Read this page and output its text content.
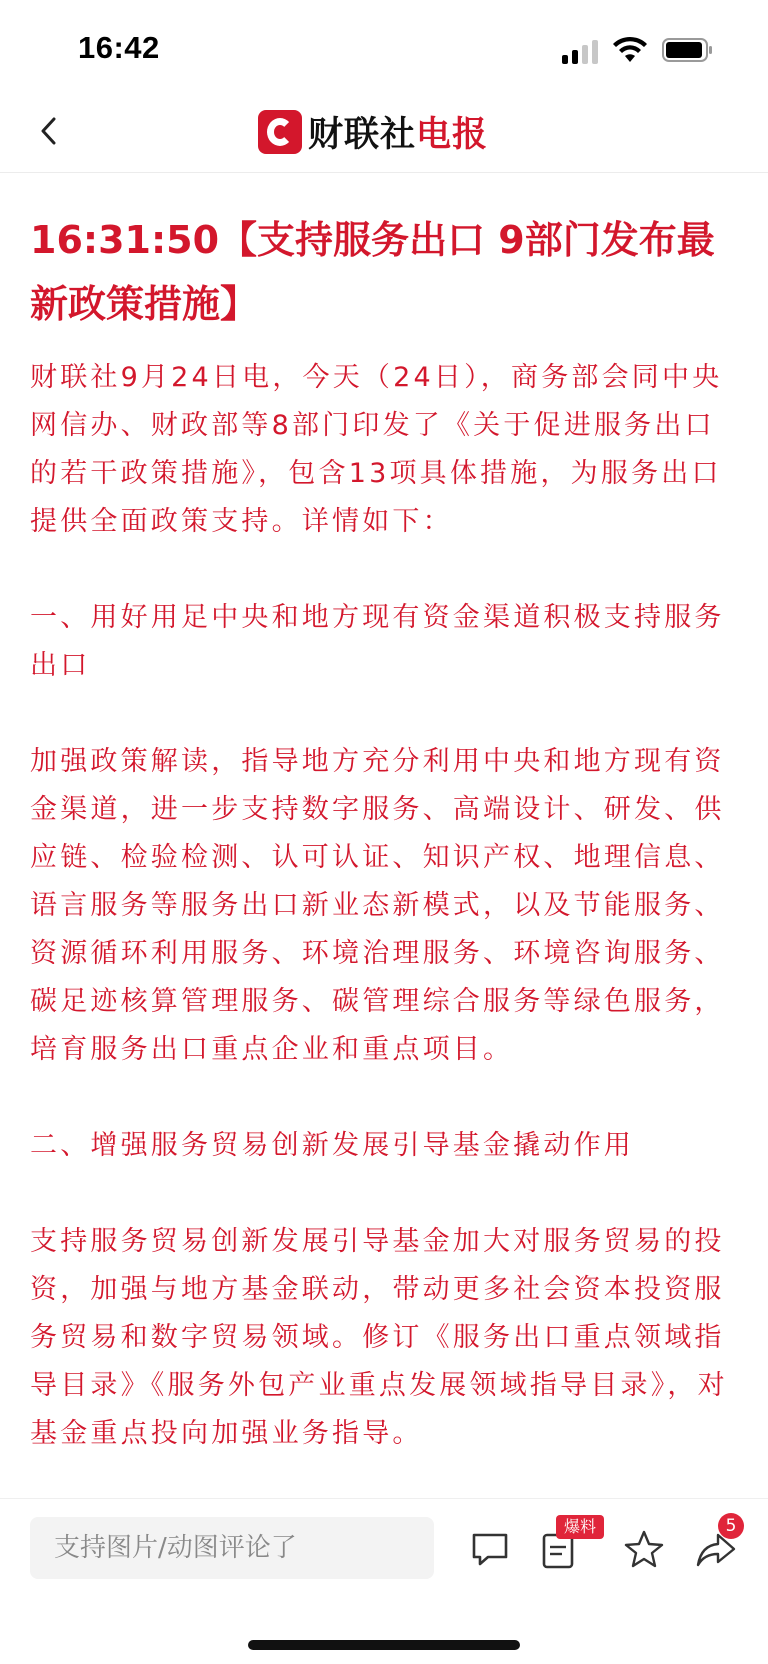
16:42
财联社 电报
16:31:50【支持服务出口 9部门发布最新政策措施】

财联社9月24日电，今天（24日），商务部会同中央网信办、财政部等8部门印发了《关于促进服务出口的若干政策措施》，包含13项具体措施，为服务出口提供全面政策支持。详情如下：

一、用好用足中央和地方现有资金渠道积极支持服务出口

加强政策解读，指导地方充分利用中央和地方现有资金渠道，进一步支持数字服务、高端设计、研发、供应链、检验检测、认可认证、知识产权、地理信息、语言服务等服务出口新业态新模式，以及节能服务、资源循环利用服务、环境治理服务、环境咨询服务、碳足迹核算管理服务、碳管理综合服务等绿色服务，培育服务出口重点企业和重点项目。

二、增强服务贸易创新发展引导基金撬动作用

支持服务贸易创新发展引导基金加大对服务贸易的投资，加强与地方基金联动，带动更多社会资本投资服务贸易和数字贸易领域。修订《服务出口重点领域指导目录》《服务外包产业重点发展领域指导目录》，对基金重点投向加强业务指导。

支持图片/动图评论了
爆料	5
